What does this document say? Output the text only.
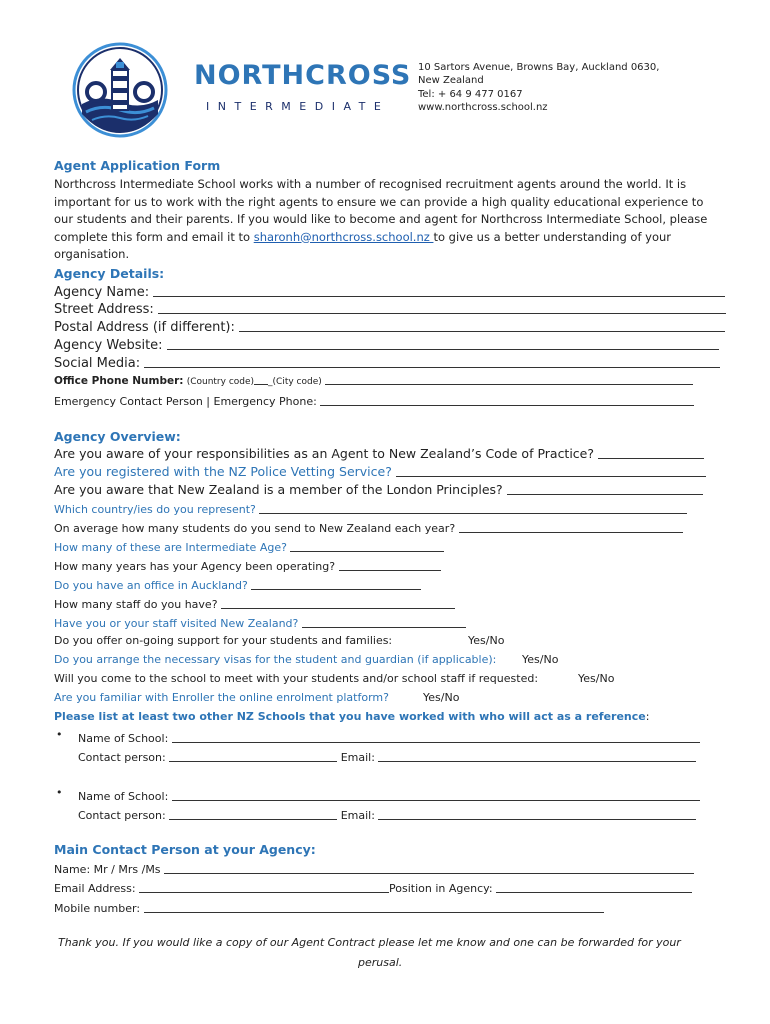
NORTHCROSS
INTERMEDIATE
10 Sartors Avenue, Browns Bay, Auckland 0630,
New Zealand
Tel: + 64 9 477 0167
www.northcross.school.nz
Agent Application Form
Northcross Intermediate School works with a number of recognised recruitment agents around the world. It is important for us to work with the right agents to ensure we can provide a high quality educational experience to our students and their parents. If you would like to become and agent for Northcross Intermediate School, please complete this form and email it to sharonh@northcross.school.nz to give us a better understanding of your organisation.
Agency Details:
Agency Name:
Street Address:
Postal Address (if different):
Agency Website:
Social Media:
Office Phone Number: (Country code) _(City code)
Emergency Contact Person | Emergency Phone:
Agency Overview:
Are you aware of your responsibilities as an Agent to New Zealand’s Code of Practice?
Are you registered with the NZ Police Vetting Service?
Are you aware that New Zealand is a member of the London Principles?
Which country/ies do you represent?
On average how many students do you send to New Zealand each year?
How many of these are Intermediate Age?
How many years has your Agency been operating?
Do you have an office in Auckland?
How many staff do you have?
Have you or your staff visited New Zealand?
Do you offer on-going support for your students and families:	Yes/No
Do you arrange the necessary visas for the student and guardian (if applicable): Yes/No
Will you come to the school to meet with your students and/or school staff if requested:	Yes/No
Are you familiar with Enroller the online enrolment platform?	Yes/No
Please list at least two other NZ Schools that you have worked with who will act as a reference:
• Name of School:
Contact person:	Email:
• Name of School:
Contact person:	Email:
Main Contact Person at your Agency:
Name: Mr / Mrs /Ms
Email Address:	Position in Agency:
Mobile number:
Thank you. If you would like a copy of our Agent Contract please let me know and one can be forwarded for your
perusal.
